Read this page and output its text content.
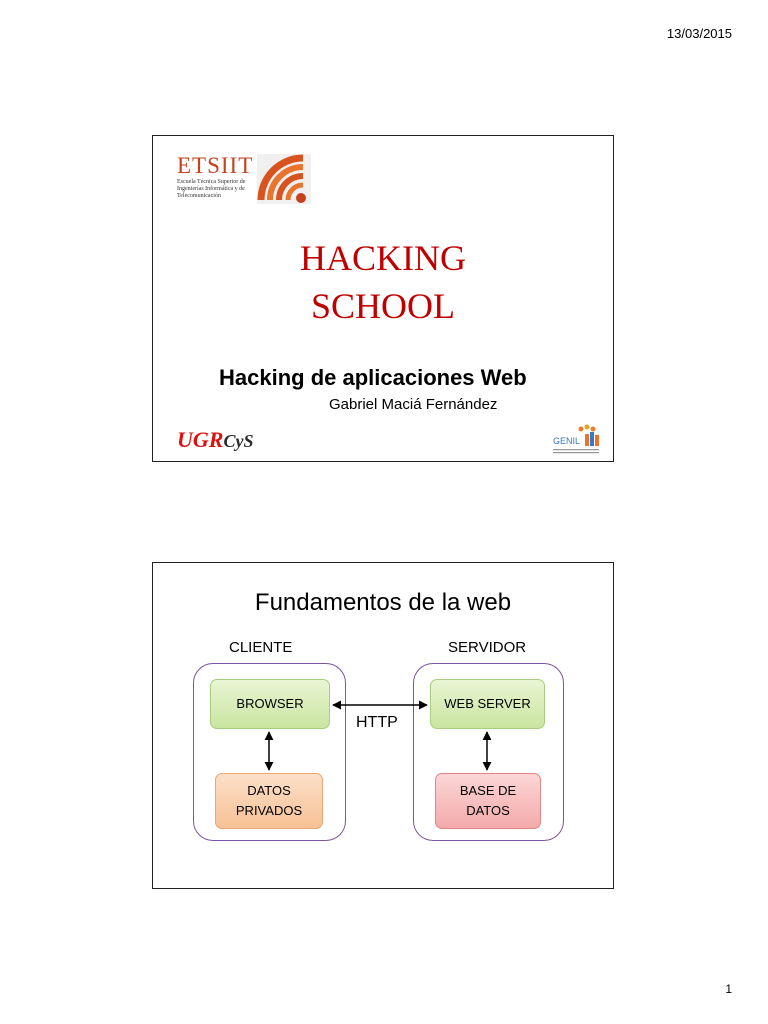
13/03/2015
ETSIIT
Escuela Técnica Superior de Ingenierías Informática y de Telecomunicación
HACKING
SCHOOL
Hacking de aplicaciones Web
Gabriel Maciá Fernández
UGRCyS	GENIL
Fundamentos de la web
CLIENTE	SERVIDOR
BROWSER	WEB SERVER
DATOS
PRIVADOS
BASE DE
DATOS
HTTP
1
